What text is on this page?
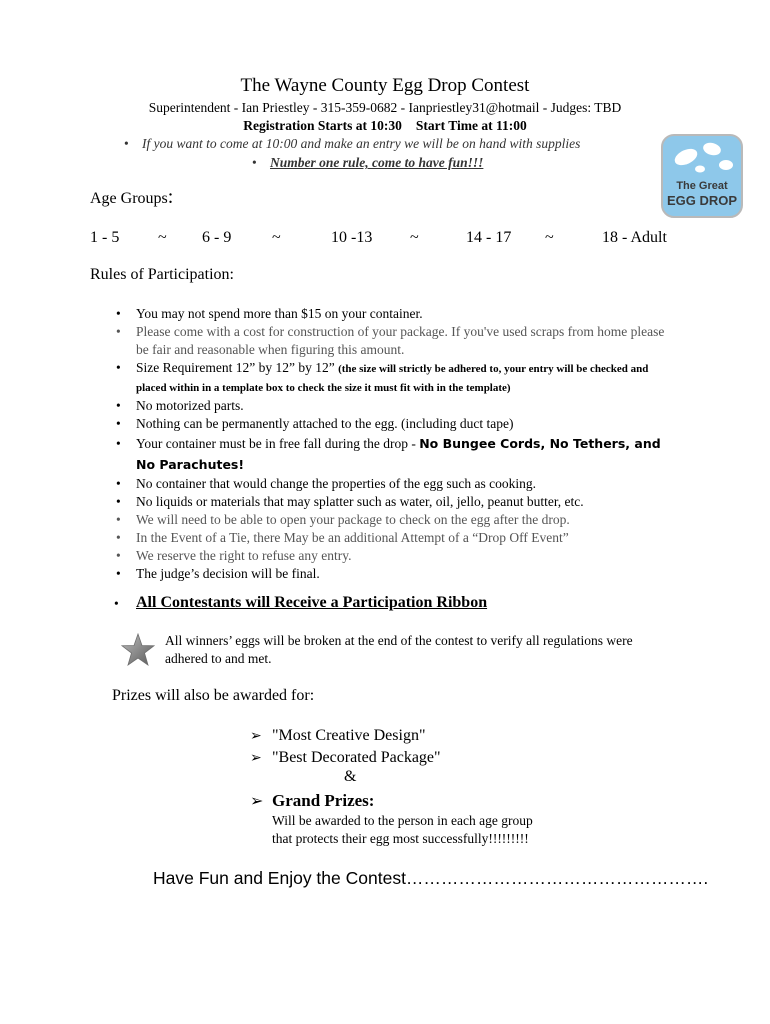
The Wayne County Egg Drop Contest
Superintendent - Ian Priestley - 315-359-0682 - Ianpriestley31@hotmail - Judges: TBD
Registration Starts at 10:30 Start Time at 11:00
• If you want to come at 10:00 and make an entry we will be on hand with supplies
• Number one rule, come to have fun!!!
The Great
EGG DROP
Age Groups:
1 - 5 ~ 6 - 9	~	10 -13 ~	14 - 17 ~	18 - Adult
Rules of Participation:
• You may not spend more than $15 on your container.
• Please come with a cost for construction of your package. If you've used scraps from home please be fair and reasonable when figuring this amount.
• Size Requirement 12” by 12” by 12” (the size will strictly be adhered to, your entry will be checked and placed within in a template box to check the size it must fit with in the template)
• No motorized parts.
• Nothing can be permanently attached to the egg. (including duct tape)
• Your container must be in free fall during the drop - No Bungee Cords, No Tethers, and No Parachutes!
• No container that would change the properties of the egg such as cooking.
• No liquids or materials that may splatter such as water, oil, jello, peanut butter, etc.
• We will need to be able to open your package to check on the egg after the drop.
• In the Event of a Tie, there May be an additional Attempt of a “Drop Off Event”
• We reserve the right to refuse any entry.
• The judge’s decision will be final.
• All Contestants will Receive a Participation Ribbon
All winners’ eggs will be broken at the end of the contest to verify all regulations were adhered to and met.
Prizes will also be awarded for:
➢ "Most Creative Design"
➢ "Best Decorated Package"
&
➢ Grand Prizes:
Will be awarded to the person in each age group
that protects their egg most successfully!!!!!!!!!
Have Fun and Enjoy the Contest…………………………………………….
